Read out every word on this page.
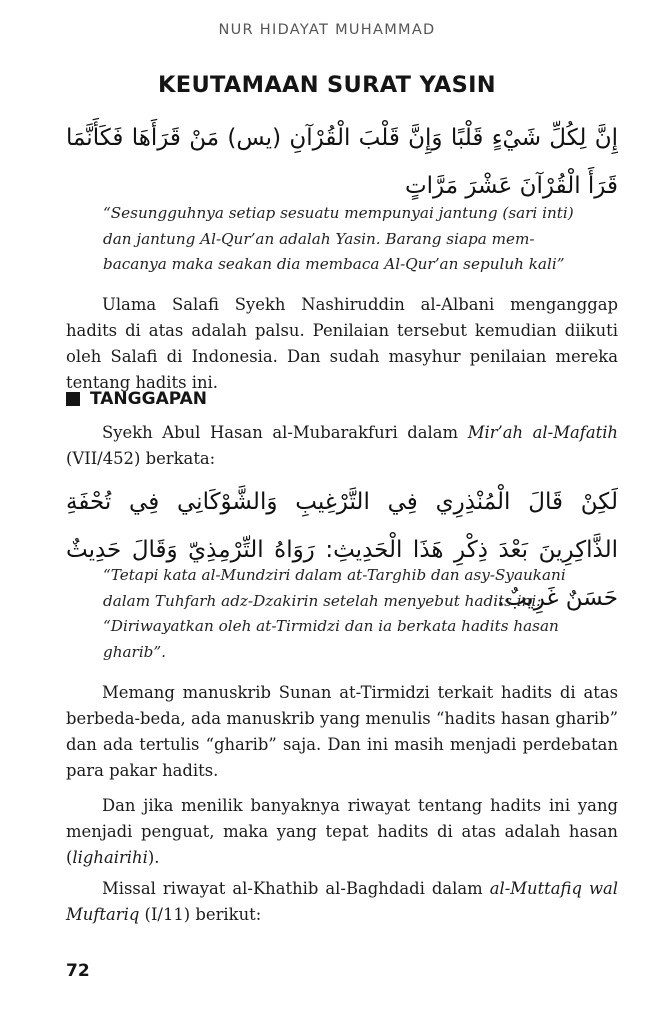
NUR HIDAYAT MUHAMMAD
KEUTAMAAN SURAT YASIN
إِنَّ لِكُلِّ شَيْءٍ قَلْبًا وَإِنَّ قَلْبَ الْقُرْآنِ (يس) مَنْ قَرَأَهَا فَكَأَنَّمَا قَرَأَ الْقُرْآنَ عَشْرَ مَرَّاتٍ
“Sesungguhnya setiap sesuatu mempunyai jantung (sari inti) dan jantung Al-Qur’an adalah Yasin. Barang siapa mem-bacanya maka seakan dia membaca Al-Qur’an sepuluh kali”

Ulama Salafi Syekh Nashiruddin al-Albani menganggap hadits di atas adalah palsu. Penilaian tersebut kemudian diikuti oleh Salafi di Indonesia. Dan sudah masyhur penilaian mereka tentang hadits ini.

TANGGAPAN

Syekh Abul Hasan al-Mubarakfuri dalam Mir’ah al-Mafatih (VII/452) berkata:

لَكِنْ قَالَ الْمُنْذِرِي فِي التَّرْغِيبِ وَالشَّوْكَانِي فِي تُحْفَةِ الذَّاكِرِينَ بَعْدَ ذِكْرِ هَذَا الْحَدِيثِ: رَوَاهُ التِّرْمِذِيّ وَقَالَ حَدِيثٌ حَسَنٌ غَرِيبٌ.
“Tetapi kata al-Mundziri dalam at-Targhib dan asy-Syaukani dalam Tuhfarh adz-Dzakirin setelah menyebut hadits ini: “Diriwayatkan oleh at-Tirmidzi dan ia berkata hadits hasan gharib”.

Memang manuskrib Sunan at-Tirmidzi terkait hadits di atas berbeda-beda, ada manuskrib yang menulis “hadits hasan gharib” dan ada tertulis “gharib” saja. Dan ini masih menjadi perdebatan para pakar hadits.

Dan jika menilik banyaknya riwayat tentang hadits ini yang menjadi penguat, maka yang tepat hadits di atas adalah hasan (lighairihi).

Missal riwayat al-Khathib al-Baghdadi dalam al-Muttafiq wal Muftariq (I/11) berikut:

72
